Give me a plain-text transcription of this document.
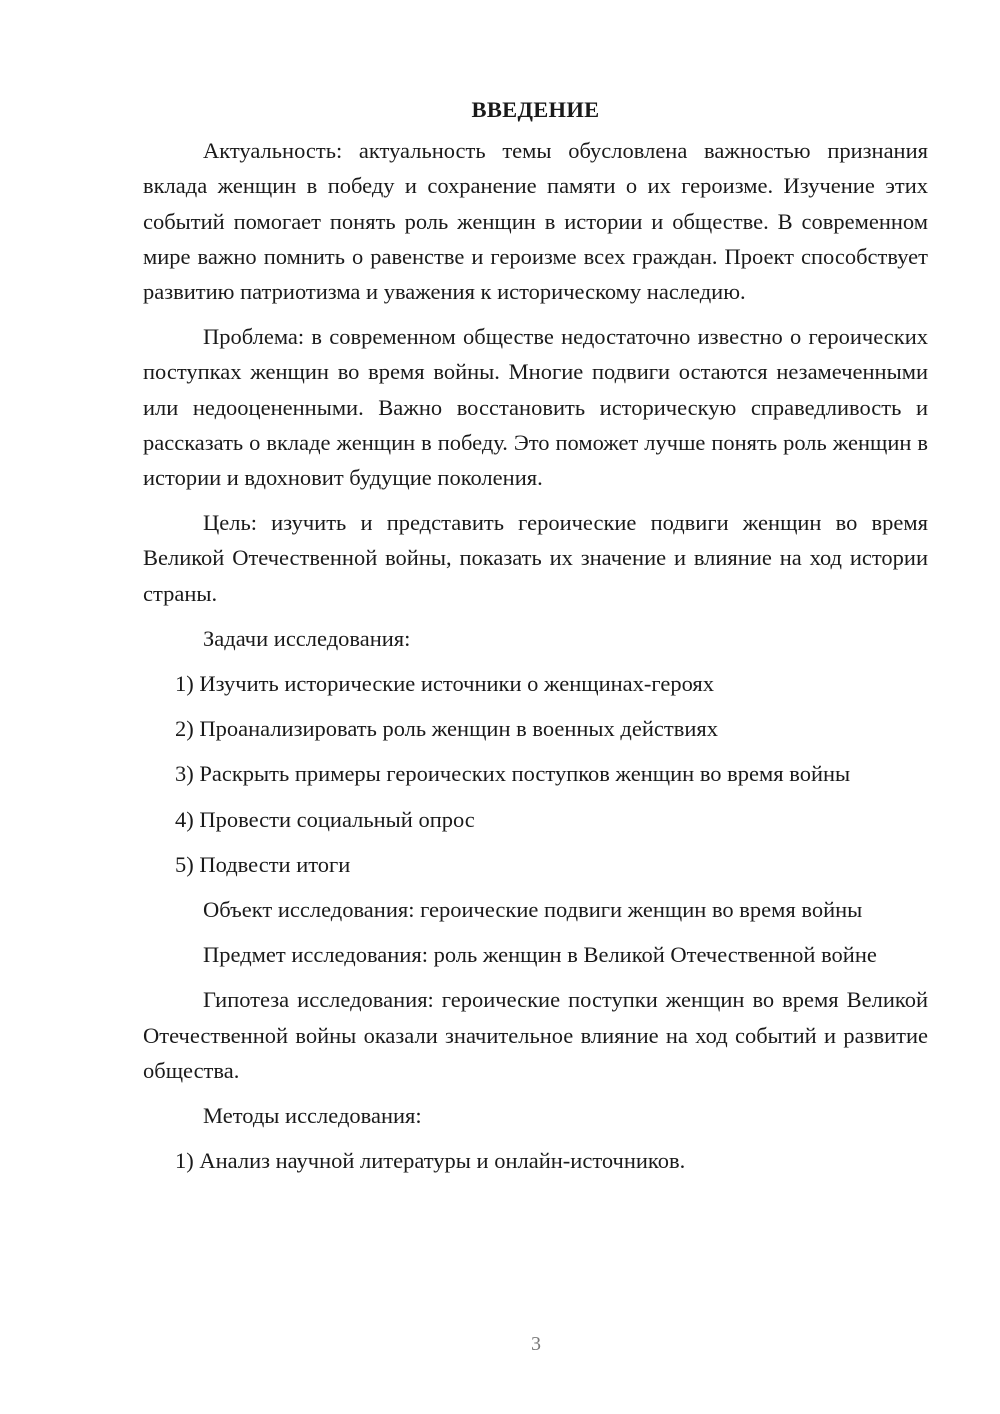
ВВЕДЕНИЕ
Актуальность: актуальность темы обусловлена важностью признания вклада женщин в победу и сохранение памяти о их героизме. Изучение этих событий помогает понять роль женщин в истории и обществе. В современном мире важно помнить о равенстве и героизме всех граждан. Проект способствует развитию патриотизма и уважения к историческому наследию.
Проблема: в современном обществе недостаточно известно о героических поступках женщин во время войны. Многие подвиги остаются незамеченными или недооцененными. Важно восстановить историческую справедливость и рассказать о вкладе женщин в победу. Это поможет лучше понять роль женщин в истории и вдохновит будущие поколения.
Цель: изучить и представить героические подвиги женщин во время Великой Отечественной войны, показать их значение и влияние на ход истории страны.
Задачи исследования:
1) Изучить исторические источники о женщинах-героях
2) Проанализировать роль женщин в военных действиях
3) Раскрыть примеры героических поступков женщин во время войны
4) Провести социальный опрос
5) Подвести итоги
Объект исследования: героические подвиги женщин во время войны
Предмет исследования: роль женщин в Великой Отечественной войне
Гипотеза исследования: героические поступки женщин во время Великой Отечественной войны оказали значительное влияние на ход событий и развитие общества.
Методы исследования:
1) Анализ научной литературы и онлайн-источников.
3
